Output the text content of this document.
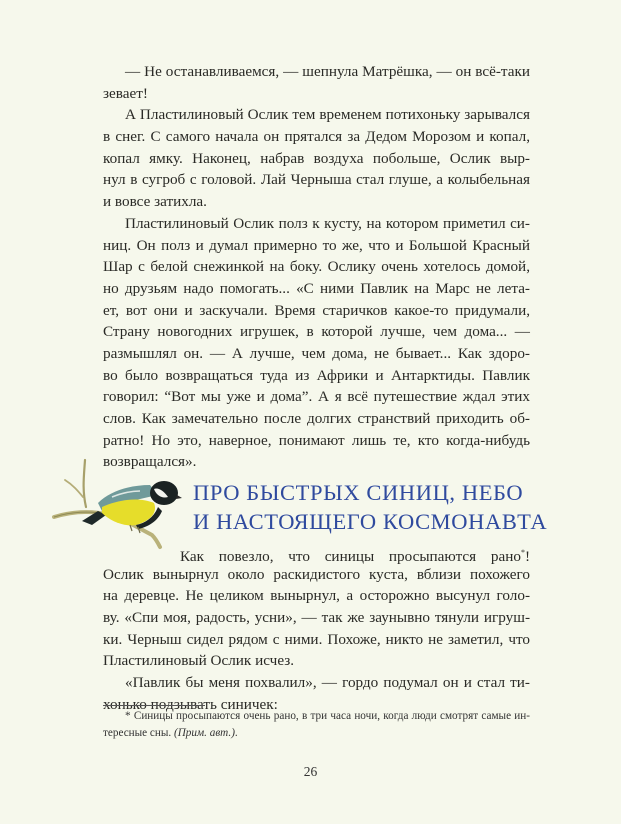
— Не останавливаемся, — шепнула Матрёшка, — он всё-таки
зевает!
А Пластилиновый Ослик тем временем потихоньку зарывался
в снег. С самого начала он прятался за Дедом Морозом и копал,
копал ямку. Наконец, набрав воздуха побольше, Ослик выр-
нул в сугроб с головой. Лай Черныша стал глуше, а колыбельная
и вовсе затихла.
Пластилиновый Ослик полз к кусту, на котором приметил си-
ниц. Он полз и думал примерно то же, что и Большой Красный
Шар с белой снежинкой на боку. Ослику очень хотелось домой,
но друзьям надо помогать... «С ними Павлик на Марс не лета-
ет, вот они и заскучали. Время старичков какое-то придумали,
Страну новогодних игрушек, в которой лучше, чем дома... —
размышлял он. — А лучше, чем дома, не бывает... Как здоро-
во было возвращаться туда из Африки и Антарктиды. Павлик
говорил: “Вот мы уже и дома”. А я всё путешествие ждал этих
слов. Как замечательно после долгих странствий приходить об-
ратно! Но это, наверное, понимают лишь те, кто когда-нибудь
возвращался».
ПРО БЫСТРЫХ СИНИЦ, НЕБО
И НАСТОЯЩЕГО КОСМОНАВТА
Как повезло, что синицы просыпаются рано*!
Ослик вынырнул около раскидистого куста, вблизи похожего
на деревце. Не целиком вынырнул, а осторожно высунул голо-
ву. «Спи моя, радость, усни», — так же заунывно тянули игруш-
ки. Черныш сидел рядом с ними. Похоже, никто не заметил, что
Пластилиновый Ослик исчез.
«Павлик бы меня похвалил», — гордо подумал он и стал ти-
хонько подзывать синичек:
* Синицы просыпаются очень рано, в три часа ночи, когда люди смотрят самые ин-
тересные сны. (Прим. авт.).
26
